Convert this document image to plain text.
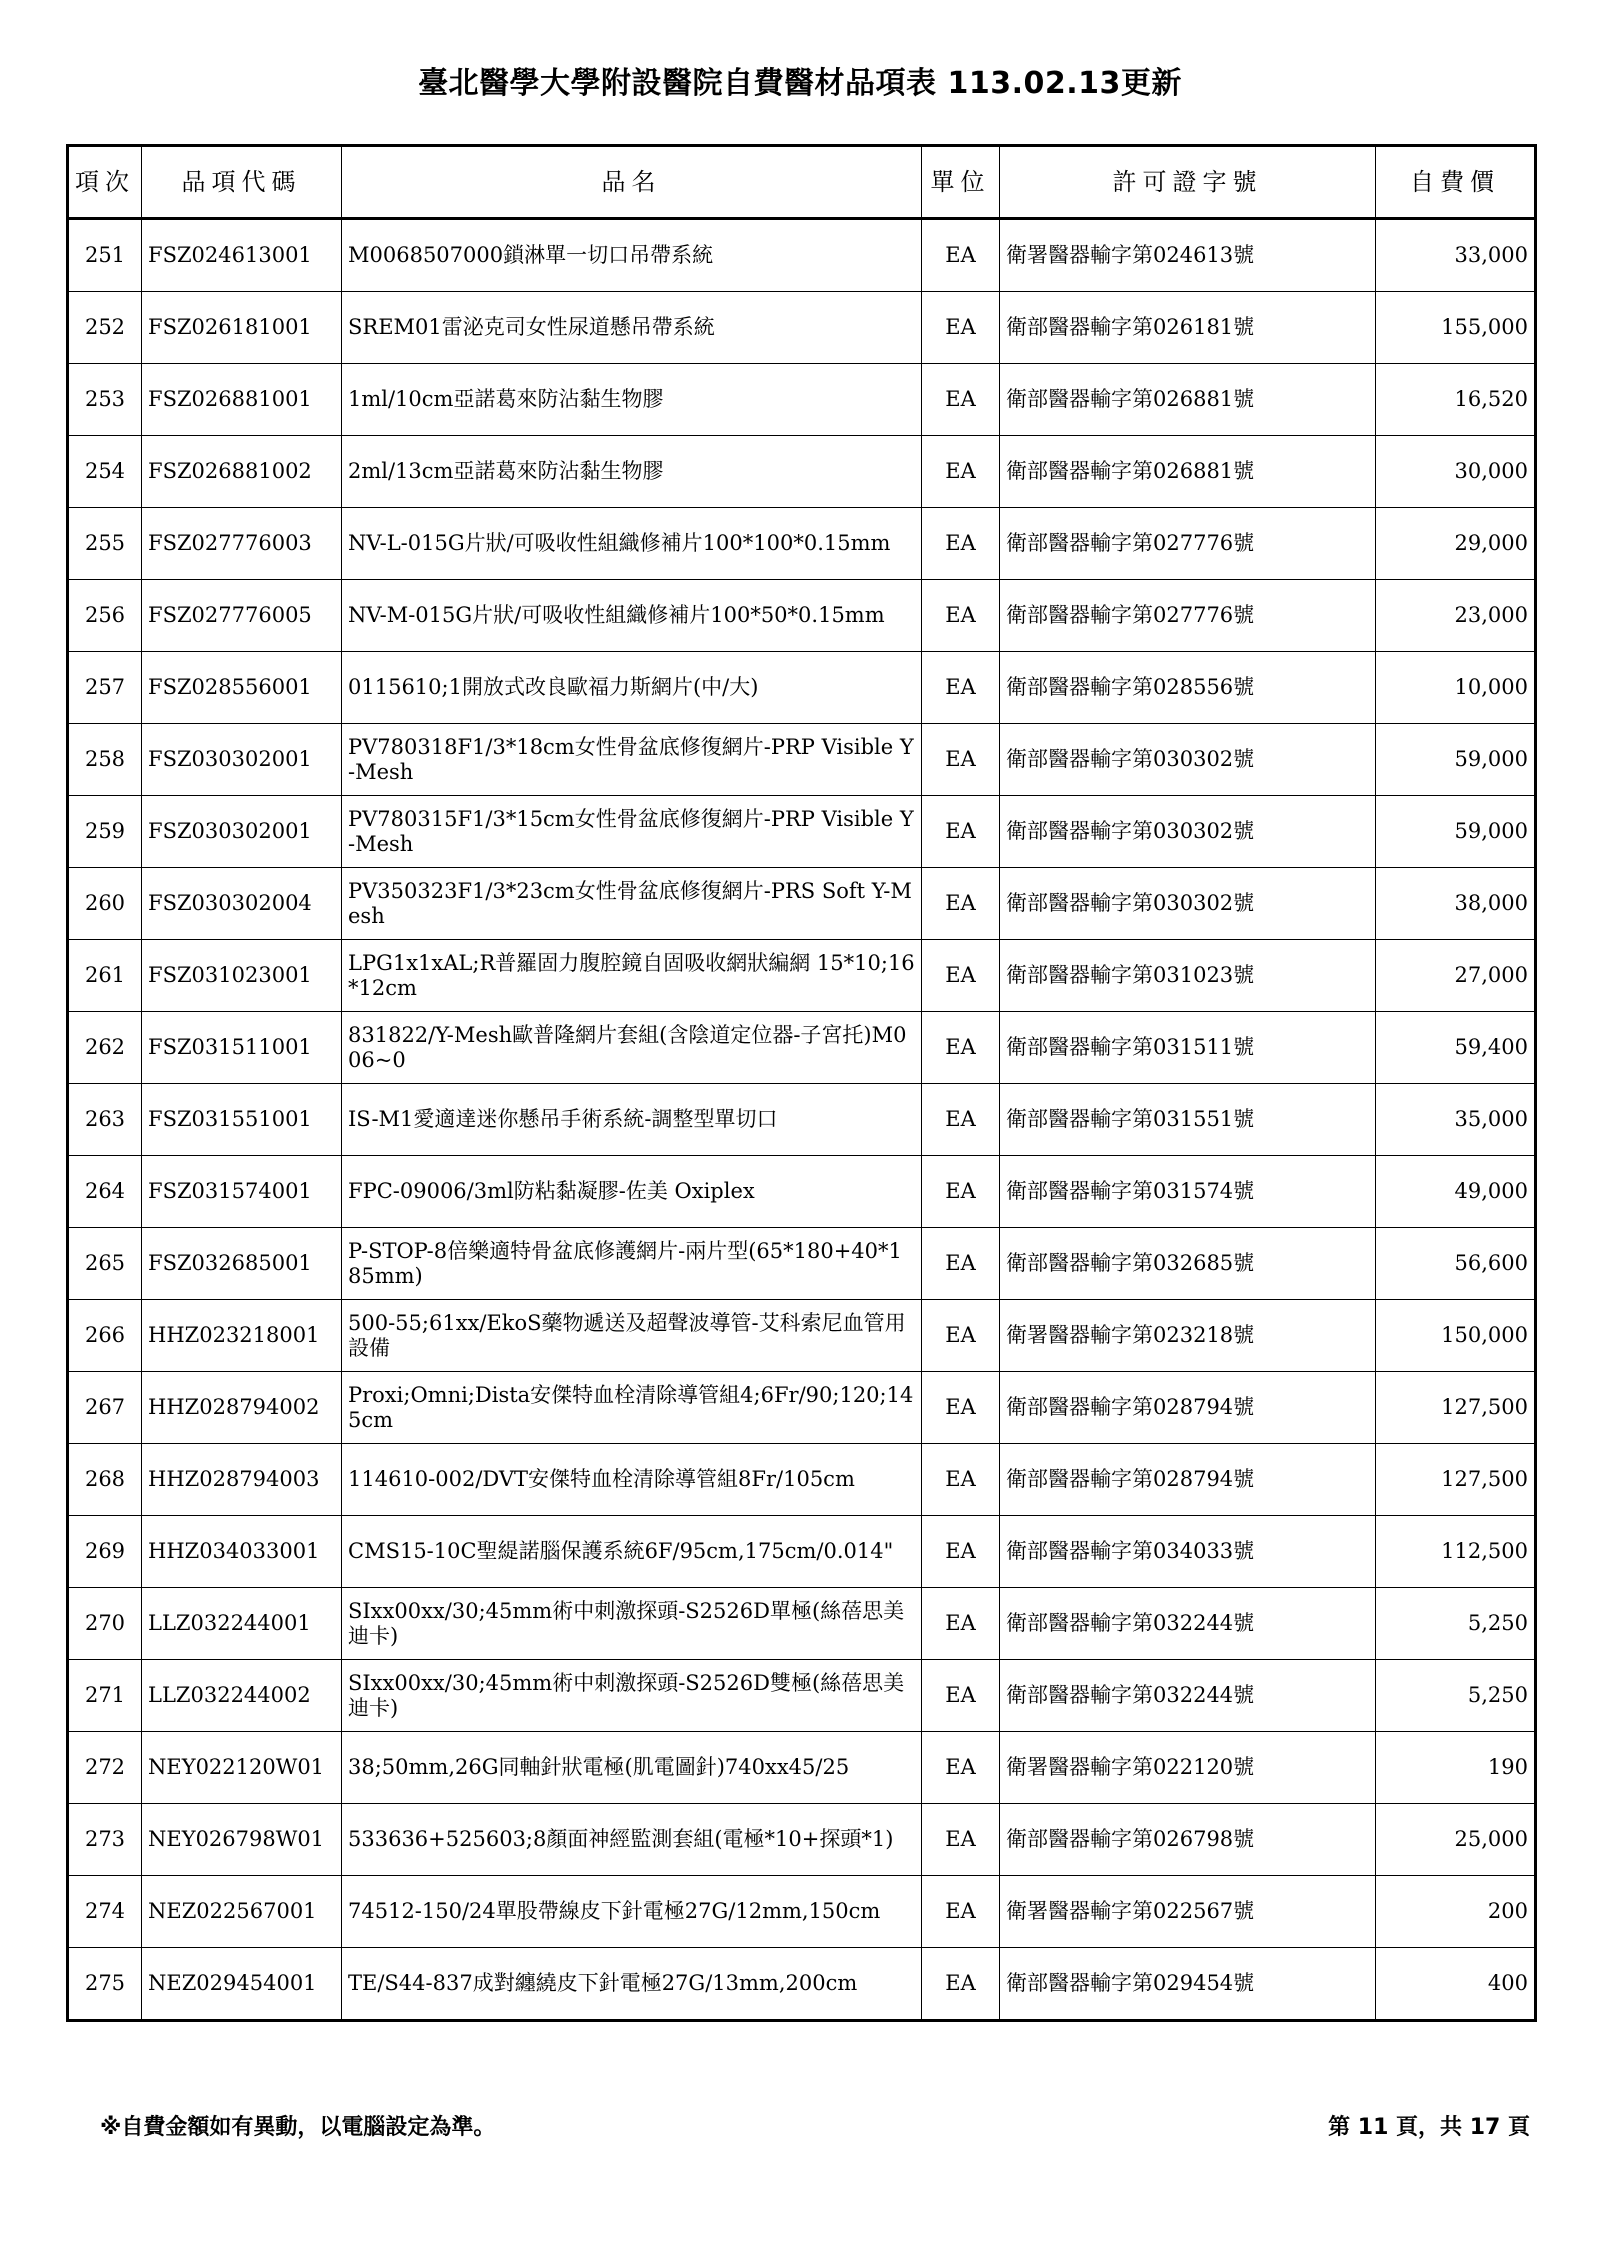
臺北醫學大學附設醫院自費醫材品項表 113.02.13更新
項次	品項代碼	品名	單位	許可證字號	自費價
251	FSZ024613001	M0068507000鎖淋單一切口吊帶系統	EA	衛署醫器輸字第024613號	33,000
252	FSZ026181001	SREM01雷泌克司女性尿道懸吊帶系統	EA	衛部醫器輸字第026181號	155,000
253	FSZ026881001	1ml/10cm亞諾葛來防沾黏生物膠	EA	衛部醫器輸字第026881號	16,520
254	FSZ026881002	2ml/13cm亞諾葛來防沾黏生物膠	EA	衛部醫器輸字第026881號	30,000
255	FSZ027776003	NV-L-015G片狀/可吸收性組織修補片100*100*0.15mm	EA	衛部醫器輸字第027776號	29,000
256	FSZ027776005	NV-M-015G片狀/可吸收性組織修補片100*50*0.15mm	EA	衛部醫器輸字第027776號	23,000
257	FSZ028556001	0115610;1開放式改良歐福力斯網片(中/大)	EA	衛部醫器輸字第028556號	10,000
258	FSZ030302001	PV780318F1/3*18cm女性骨盆底修復網片-PRP Visible Y-Mesh	EA	衛部醫器輸字第030302號	59,000
259	FSZ030302001	PV780315F1/3*15cm女性骨盆底修復網片-PRP Visible Y-Mesh	EA	衛部醫器輸字第030302號	59,000
260	FSZ030302004	PV350323F1/3*23cm女性骨盆底修復網片-PRS Soft Y-Mesh	EA	衛部醫器輸字第030302號	38,000
261	FSZ031023001	LPG1x1xAL;R普羅固力腹腔鏡自固吸收網狀編網 15*10;16*12cm	EA	衛部醫器輸字第031023號	27,000
262	FSZ031511001	831822/Y-Mesh歐普隆網片套組(含陰道定位器-子宮托)M006~0	EA	衛部醫器輸字第031511號	59,400
263	FSZ031551001	IS-M1愛適達迷你懸吊手術系統-調整型單切口	EA	衛部醫器輸字第031551號	35,000
264	FSZ031574001	FPC-09006/3ml防粘黏凝膠-佐美 Oxiplex	EA	衛部醫器輸字第031574號	49,000
265	FSZ032685001	P-STOP-8倍樂適特骨盆底修護網片-兩片型(65*180+40*185mm)	EA	衛部醫器輸字第032685號	56,600
266	HHZ023218001	500-55;61xx/EkoS藥物遞送及超聲波導管-艾科索尼血管用設備	EA	衛署醫器輸字第023218號	150,000
267	HHZ028794002	Proxi;Omni;Dista安傑特血栓清除導管組4;6Fr/90;120;145cm	EA	衛部醫器輸字第028794號	127,500
268	HHZ028794003	114610-002/DVT安傑特血栓清除導管組8Fr/105cm	EA	衛部醫器輸字第028794號	127,500
269	HHZ034033001	CMS15-10C聖緹諾腦保護系統6F/95cm,175cm/0.014"	EA	衛部醫器輸字第034033號	112,500
270	LLZ032244001	SIxx00xx/30;45mm術中刺激探頭-S2526D單極(絲蓓思美迪卡)	EA	衛部醫器輸字第032244號	5,250
271	LLZ032244002	SIxx00xx/30;45mm術中刺激探頭-S2526D雙極(絲蓓思美迪卡)	EA	衛部醫器輸字第032244號	5,250
272	NEY022120W01	38;50mm,26G同軸針狀電極(肌電圖針)740xx45/25	EA	衛署醫器輸字第022120號	190
273	NEY026798W01	533636+525603;8顏面神經監測套組(電極*10+探頭*1)	EA	衛部醫器輸字第026798號	25,000
274	NEZ022567001	74512-150/24單股帶線皮下針電極27G/12mm,150cm	EA	衛署醫器輸字第022567號	200
275	NEZ029454001	TE/S44-837成對纏繞皮下針電極27G/13mm,200cm	EA	衛部醫器輸字第029454號	400
※自費金額如有異動，以電腦設定為準。	第 11 頁，共 17 頁
